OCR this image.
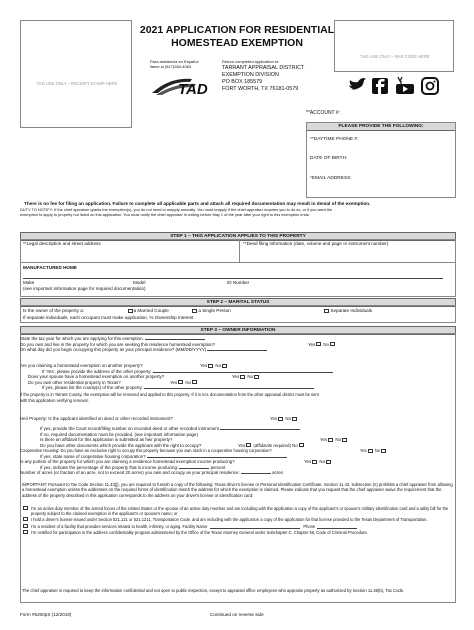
TAD USE ONLY – RECEIPT STAMP HERE
2021 APPLICATION FOR RESIDENTIAL
HOMESTEAD EXEMPTION
TAD USE ONLY – BAR CODE HERE
Para asistencia en Español
llame al (817)284-4063
TAD
Return completed application to:
TARRANT APPRAISAL DISTRICT
EXEMPTION DIVISION
PO BOX 185579
FORT WORTH, TX 76181-0579
**ACCOUNT #:
PLEASE PROVIDE THE FOLLOWING:
**DAYTIME PHONE #:
DATE OF BIRTH:
*EMAIL ADDRESS:
There is no fee for filing an application. Failure to complete all applicable parts and attach all required documentation may result in denial of the exemption.
DUTY TO NOTIFY: If the chief appraiser grants the exemption(s), you do not need to reapply annually. You must reapply if the chief appraiser requires you to do so, or if you want the
exemption to apply to property not listed on this application. You must notify the chief appraiser in writing before May 1 of the year after your right to this exemption ends.
STEP 1 – THIS APPLICATION APPLIES TO THIS PROPERTY
**Legal description and street address	**Deed filing information (date, volume and page or instrument number)
MANUFACTURED HOME
Make	Model	ID Number
(see important information page for required documentation)
STEP 2 – MARITAL STATUS
Is the owner of the property a:	a Married Couple	a Single Person	Separate Individuals
If separate individuals, each occupant must make application. % Ownership Interest
STEP 3 – OWNER INFORMATION
State the tax year for which you are applying for this exemption.
Do you own and live in the property for which you are seeking this residence homestead exemption?	Yes No
On what day did you begin occupying this property as your principal residence? (MM/DD/YYYY)
Are you claiming a homestead exemption on another property?	Yes No
If 'Yes', please provide the address of the other property:
Does your spouse have a homestead exemption on another property?	Yes No
Do you own other residential property in Texas?	Yes No
If yes, please list the county(s) of the other property:
If the property is in Tarrant County, the exemption will be removed and applied to this property. If it is not, documentation from the other appraisal district must be sent
with this application verifying removal.
Heir Property: Is the applicant identified on deed or other recorded instrument?	Yes No
If yes, provide the Court record/filing number on recorded deed or other recorded instrument
If no, required documentation must be provided. (see important information page)
Is there an affidavit for this application is submitted as heir property?	Yes No
Do you have other documents which provide the applicant with the right to occupy?	Yes (affidavits required) No
Cooperative Housing: Do you have an exclusive right to occupy this property because you own stock in a cooperative housing corporation?	Yes No
If yes, state name of cooperative housing corporation?
Is any portion of the property for which you are claiming a residence homestead exemption income producing?	Yes No
If yes, indicate the percentage of the property that is income producing:	percent
Number of acres (or fraction of an acre, not to exceed 20 acres) you own and occupy as your principal residence:	acres
IMPORTANT: Pursuant to Tax Code Section 11.43(j), you are required to furnish a copy of the following: Texas driver's license or Personal Identification Certificate. Section 11.43, subsection (n) prohibits a chief appraiser from allowing a homestead exemption unless the addresses on the required forms of identification match the address for which the exemption is claimed. Please indicate that you request that the chief appraiser waive the requirement that the address of the property described in this application corresponds to the address on your driver's license or identification card:
I'm an active duty member of the armed forces of the United States or the spouse of an active duty member and am including with the application a copy of the applicant's or spouse's military identification card and a utility bill for the property subject to the claimed exemption in the applicant's or spouse's name; or
I hold a driver's license issued under Section 521.121 or 521.1211, Transportation Code, and am including with the application a copy of the application for that license provided to the Texas Department of Transportation.
I'm a resident of a facility that provides services related to health, infirmity, or aging. Facility Name	Phone
I'm certified for participation in the address confidentiality program administered by the Office of the Texas Attorney General under Subchapter C, Chapter 56, Code of Criminal Procedure.
The chief appraiser is required to keep the information confidential and not open to public inspection, except to appraisal office employees who appraise property as authorized by Section 11.48(b), Tax Code.
Form #5200pS (12/2019)	Continued on reverse side
